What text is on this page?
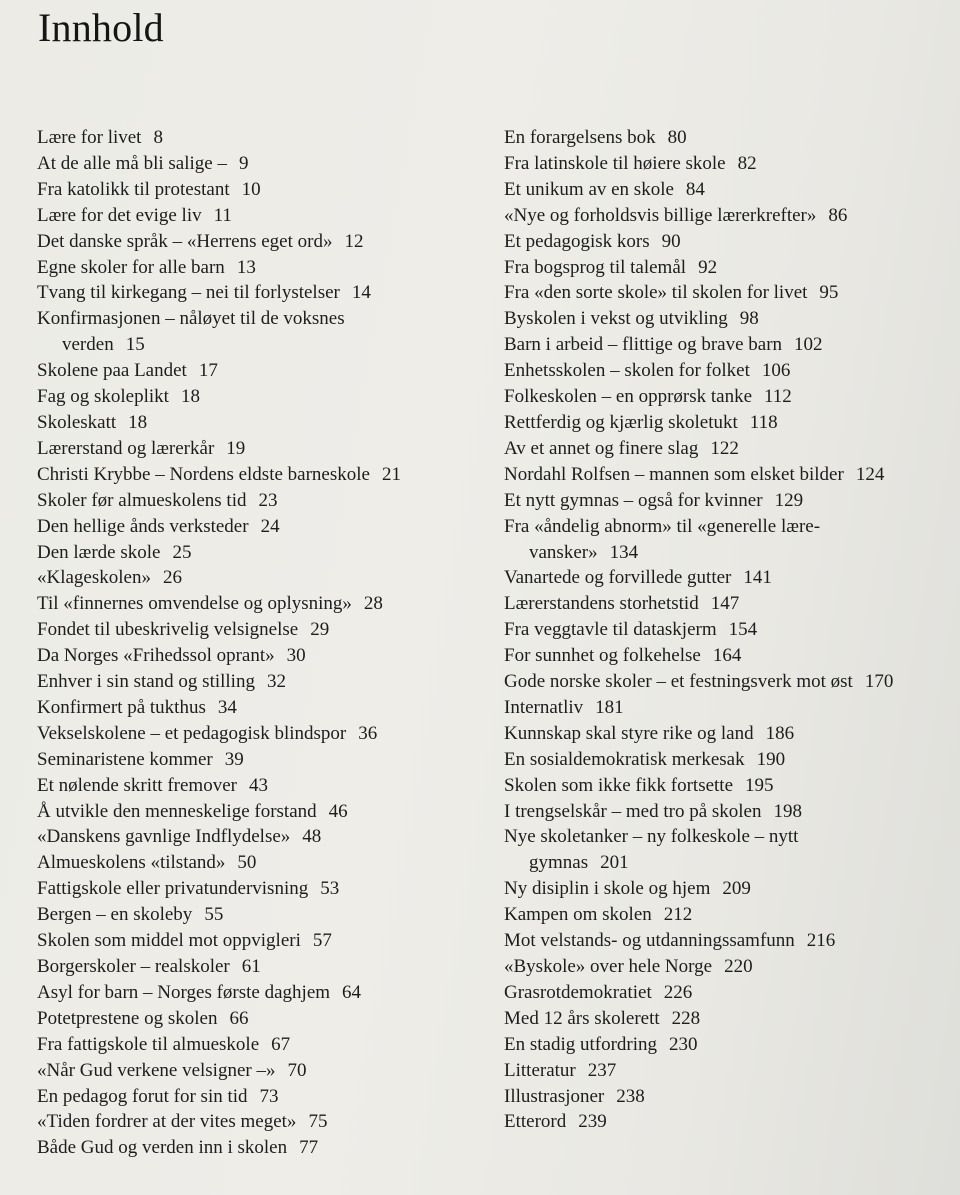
Innhold
Lære for livet 8
At de alle må bli salige – 9
Fra katolikk til protestant 10
Lære for det evige liv 11
Det danske språk – «Herrens eget ord» 12
Egne skoler for alle barn 13
Tvang til kirkegang – nei til forlystelser 14
Konfirmasjonen – nåløyet til de voksnes
verden 15
Skolene paa Landet 17
Fag og skoleplikt 18
Skoleskatt 18
Lærerstand og lærerkår 19
Christi Krybbe – Nordens eldste barneskole 21
Skoler før almueskolens tid 23
Den hellige ånds verksteder 24
Den lærde skole 25
«Klageskolen» 26
Til «finnernes omvendelse og oplysning» 28
Fondet til ubeskrivelig velsignelse 29
Da Norges «Frihedssol oprant» 30
Enhver i sin stand og stilling 32
Konfirmert på tukthus 34
Vekselskolene – et pedagogisk blindspor 36
Seminaristene kommer 39
Et nølende skritt fremover 43
Å utvikle den menneskelige forstand 46
«Danskens gavnlige Indflydelse» 48
Almueskolens «tilstand» 50
Fattigskole eller privatundervisning 53
Bergen – en skoleby 55
Skolen som middel mot oppvigleri 57
Borgerskoler – realskoler 61
Asyl for barn – Norges første daghjem 64
Potetprestene og skolen 66
Fra fattigskole til almueskole 67
«Når Gud verkene velsigner –» 70
En pedagog forut for sin tid 73
«Tiden fordrer at der vites meget» 75
Både Gud og verden inn i skolen 77
En forargelsens bok 80
Fra latinskole til høiere skole 82
Et unikum av en skole 84
«Nye og forholdsvis billige lærerkrefter» 86
Et pedagogisk kors 90
Fra bogsprog til talemål 92
Fra «den sorte skole» til skolen for livet 95
Byskolen i vekst og utvikling 98
Barn i arbeid – flittige og brave barn 102
Enhetsskolen – skolen for folket 106
Folkeskolen – en opprørsk tanke 112
Rettferdig og kjærlig skoletukt 118
Av et annet og finere slag 122
Nordahl Rolfsen – mannen som elsket bilder 124
Et nytt gymnas – også for kvinner 129
Fra «åndelig abnorm» til «generelle lære-
vansker» 134
Vanartede og forvillede gutter 141
Lærerstandens storhetstid 147
Fra veggtavle til dataskjerm 154
For sunnhet og folkehelse 164
Gode norske skoler – et festningsverk mot øst 170
Internatliv 181
Kunnskap skal styre rike og land 186
En sosialdemokratisk merkesak 190
Skolen som ikke fikk fortsette 195
I trengselskår – med tro på skolen 198
Nye skoletanker – ny folkeskole – nytt
gymnas 201
Ny disiplin i skole og hjem 209
Kampen om skolen 212
Mot velstands- og utdanningssamfunn 216
«Byskole» over hele Norge 220
Grasrotdemokratiet 226
Med 12 års skolerett 228
En stadig utfordring 230
Litteratur 237
Illustrasjoner 238
Etterord 239
